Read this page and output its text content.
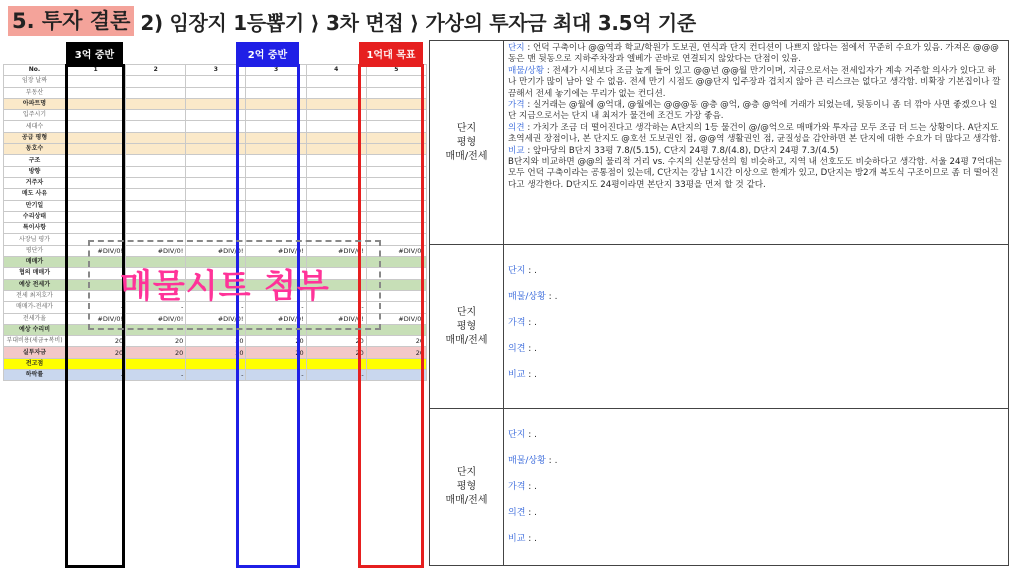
5. 투자 결론 2) 임장지 1등뽑기 ⟩ 3차 면접 ⟩ 가상의 투자금 최대 3.5억 기준
3억 중반	2억 중반	1억대 목표
No.	1	2	3	3	4	5
임장 날짜						
부동산						
아파트명						
입주시기						
세대수						
공급 평형						
동호수						
구조						
방향						
거주자						
매도 사유						
만기일						
수리상태						
특이사항						
사장님 평가						
평단가	#DIV/0!	#DIV/0!	#DIV/0!	#DIV/0!	#DIV/0!	#DIV/0!
매매가						
협의 매매가						
예상 전세가						
전세 최저호가						
매매가-전세가	-	-	-	-	-	-
전세가율	#DIV/0!	#DIV/0!	#DIV/0!	#DIV/0!	#DIV/0!	#DIV/0!
예상 수리비						
부대비용(세금+복비)	20	20	20	20	20	20
실투자금	20	20	20	20	20	20
전고점						
하락률	-	-	-	-	-	-
매물시트 첨부
단지
평형
매매/전세

단지 : 언덕 구축이나 @@역과 학교/학원가 도보권, 연식과 단지 컨디션이 나쁘지 않다는 점에서 꾸준히 수요가 있음. 가져온 @@@동은 맨 뒷동으로 지하주차장과 엘베가 곧바로 연결되지 않았다는 단점이 있음.

매물/상황 : 전세가 시세보다 조금 높게 들어 있고 @@년 @@월 만기이며, 지금으로서는 전세입자가 계속 거주할 의사가 있다고 하나 만기가 많이 남아 알 수 없음. 전세 만기 시점도 @@단지 입주장과 겹치지 않아 큰 리스크는 없다고 생각함. 비확장 기본집이나 깔끔해서 전세 놓기에는 무리가 없는 컨디션.

가격 : 실거래는 @월에 @억대, @월에는 @@@동 @층 @억, @층 @억에 거래가 되었는데, 뒷동이니 좀 더 깎아 사면 좋겠으나 일단 지금으로서는 단지 내 최저가 물건에 조건도 가장 좋음.

의견 : 가치가 조금 더 떨어진다고 생각하는 A단지의 1등 물건이 @/@억으로 매매가와 투자금 모두 조금 더 드는 상황이다. A단지도 초역세권 장점이나, 본 단지도 @호선 도보권인 점, @@역 생활권인 점, 균질성을 감안하면 본 단지에 대한 수요가 더 많다고 생각함.

비교 : 앞마당의 B단지 33평 7.8/(5.15), C단지 24평 7.8/(4.8), D단지 24평 7.3/(4.5)

B단지와 비교하면 @@의 물리적 거리 vs. 수지의 신분당선의 힘 비슷하고, 지역 내 선호도도 비슷하다고 생각함. 서울 24평 7억대는 모두 언덕 구축이라는 공통점이 있는데, C단지는 강남 1시간 이상으로 한계가 있고, D단지는 방2개 복도식 구조이므로 좀 더 떨어진다고 생각한다. D단지도 24평이라면 본단지 33평을 먼저 할 것 같다.

단지
평형
매매/전세
단지 : .
매물/상황 : .
가격 : .
의견 : .
비교 : .
단지
평형
매매/전세
단지 : .
매물/상황 : .
가격 : .
의견 : .
비교 : .
